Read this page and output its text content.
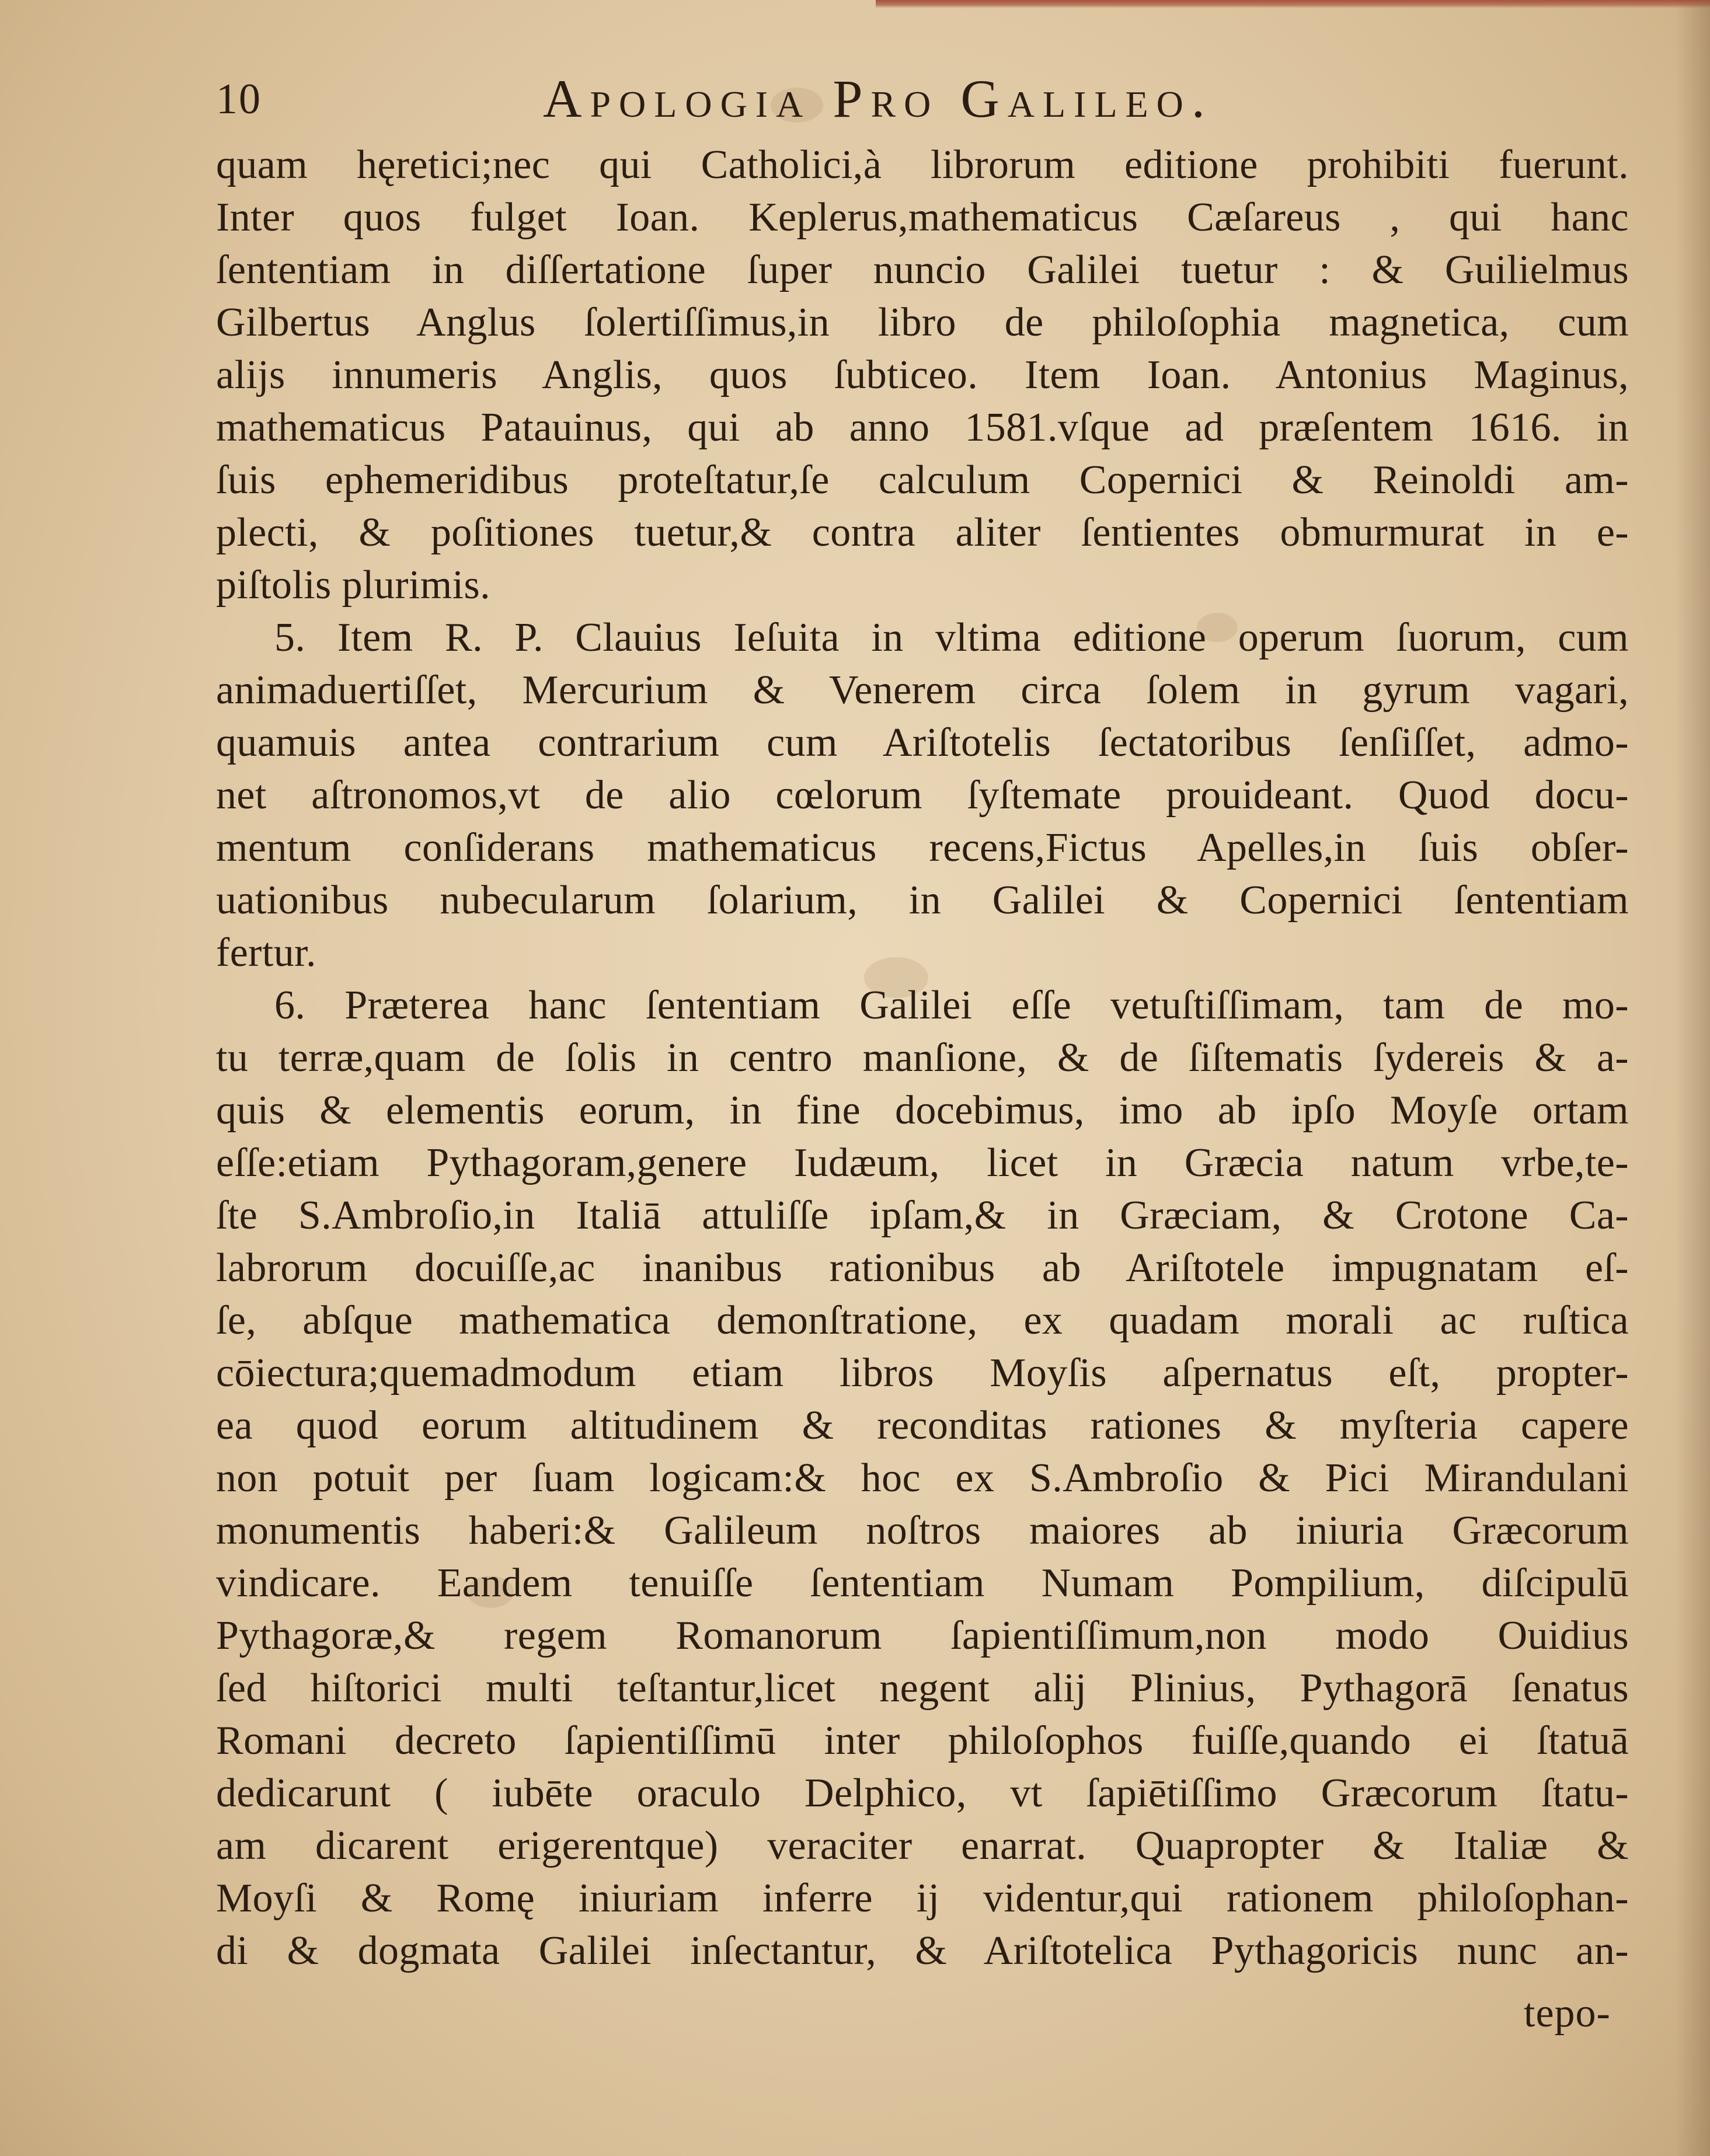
10	Apologia Pro Galileo.
quam hęretici;nec qui Catholici,à librorum editione prohibiti fuerunt.
Inter quos fulget Ioan. Keplerus,mathematicus Cæſareus , qui hanc
ſententiam in diſſertatione ſuper nuncio Galilei tuetur : & Guilielmus
Gilbertus Anglus ſolertiſſimus,in libro de philoſophia magnetica, cum
alijs innumeris Anglis, quos ſubticeo. Item Ioan. Antonius Maginus,
mathematicus Patauinus, qui ab anno 1581.vſque ad præſentem 1616. in
ſuis ephemeridibus proteſtatur,ſe calculum Copernici & Reinoldi am-
plecti, & poſitiones tuetur,& contra aliter ſentientes obmurmurat in e-
piſtolis plurimis.
5. Item R. P. Clauius Ieſuita in vltima editione operum ſuorum, cum
animaduertiſſet, Mercurium & Venerem circa ſolem in gyrum vagari,
quamuis antea contrarium cum Ariſtotelis ſectatoribus ſenſiſſet, admo-
net aſtronomos,vt de alio cœlorum ſyſtemate prouideant. Quod docu-
mentum conſiderans mathematicus recens,Fictus Apelles,in ſuis obſer-
uationibus nubecularum ſolarium, in Galilei & Copernici ſententiam
fertur.
6. Præterea hanc ſententiam Galilei eſſe vetuſtiſſimam, tam de mo-
tu terræ,quam de ſolis in centro manſione, & de ſiſtematis ſydereis & a-
quis & elementis eorum, in fine docebimus, imo ab ipſo Moyſe ortam
eſſe:etiam Pythagoram,genere Iudæum, licet in Græcia natum vrbe,te-
ſte S.Ambroſio,in Italiā attuliſſe ipſam,& in Græciam, & Crotone Ca-
labrorum docuiſſe,ac inanibus rationibus ab Ariſtotele impugnatam eſ-
ſe, abſque mathematica demonſtratione, ex quadam morali ac ruſtica
cōiectura;quemadmodum etiam libros Moyſis aſpernatus eſt, propter-
ea quod eorum altitudinem & reconditas rationes & myſteria capere
non potuit per ſuam logicam:& hoc ex S.Ambroſio & Pici Mirandulani
monumentis haberi:& Galileum noſtros maiores ab iniuria Græcorum
vindicare. Eandem tenuiſſe ſententiam Numam Pompilium, diſcipulū
Pythagoræ,& regem Romanorum ſapientiſſimum,non modo Ouidius
ſed hiſtorici multi teſtantur,licet negent alij Plinius, Pythagorā ſenatus
Romani decreto ſapientiſſimū inter philoſophos fuiſſe,quando ei ſtatuā
dedicarunt ( iubēte oraculo Delphico, vt ſapiētiſſimo Græcorum ſtatu-
am dicarent erigerentque) veraciter enarrat. Quapropter & Italiæ &
Moyſi & Romę iniuriam inferre ij videntur,qui rationem philoſophan-
di & dogmata Galilei inſectantur, & Ariſtotelica Pythagoricis nunc an-
tepo-
